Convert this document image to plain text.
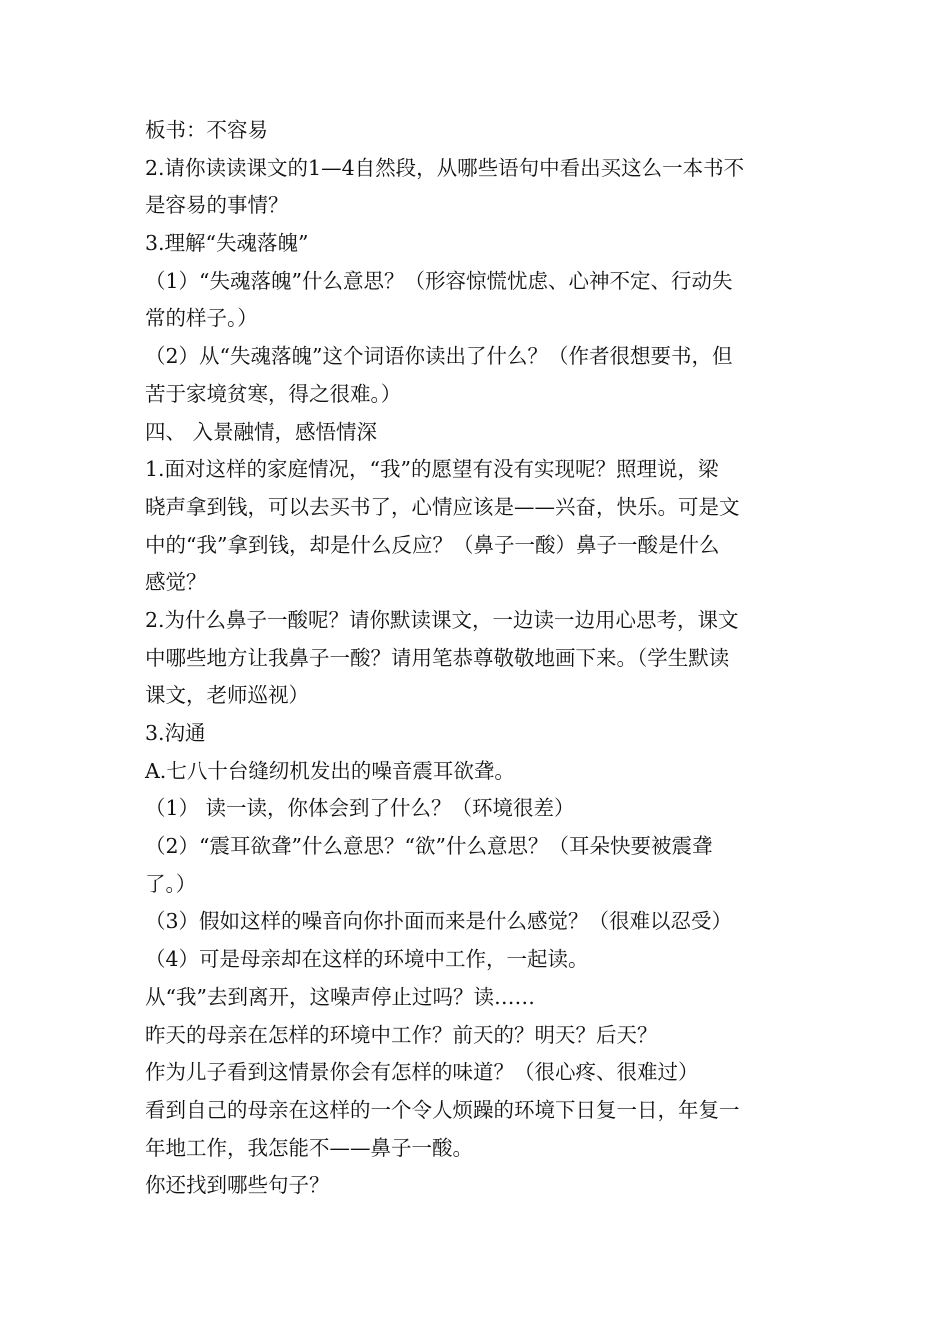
板书：不容易
2.请你读读课文的1—4自然段，从哪些语句中看出买这么一本书不
是容易的事情？
3.理解“失魂落魄”
（1）“失魂落魄”什么意思？（形容惊慌忧虑、心神不定、行动失
常的样子。）
（2）从“失魂落魄”这个词语你读出了什么？（作者很想要书，但
苦于家境贫寒，得之很难。）
四、 入景融情，感悟情深
1.面对这样的家庭情况，“我”的愿望有没有实现呢？照理说，梁
晓声拿到钱，可以去买书了，心情应该是——兴奋，快乐。可是文
中的“我”拿到钱，却是什么反应？（鼻子一酸）鼻子一酸是什么
感觉？
2.为什么鼻子一酸呢？请你默读课文，一边读一边用心思考，课文
中哪些地方让我鼻子一酸？请用笔恭尊敬敬地画下来。（学生默读
课文，老师巡视）
3.沟通
A.七八十台缝纫机发出的噪音震耳欲聋。
（1） 读一读，你体会到了什么？（环境很差）
（2）“震耳欲聋”什么意思？“欲”什么意思？（耳朵快要被震聋
了。）
（3）假如这样的噪音向你扑面而来是什么感觉？（很难以忍受）
（4）可是母亲却在这样的环境中工作，一起读。
从“我”去到离开，这噪声停止过吗？读……
昨天的母亲在怎样的环境中工作？前天的？明天？后天？
作为儿子看到这情景你会有怎样的味道？（很心疼、很难过）
看到自己的母亲在这样的一个令人烦躁的环境下日复一日，年复一
年地工作，我怎能不——鼻子一酸。
你还找到哪些句子？
